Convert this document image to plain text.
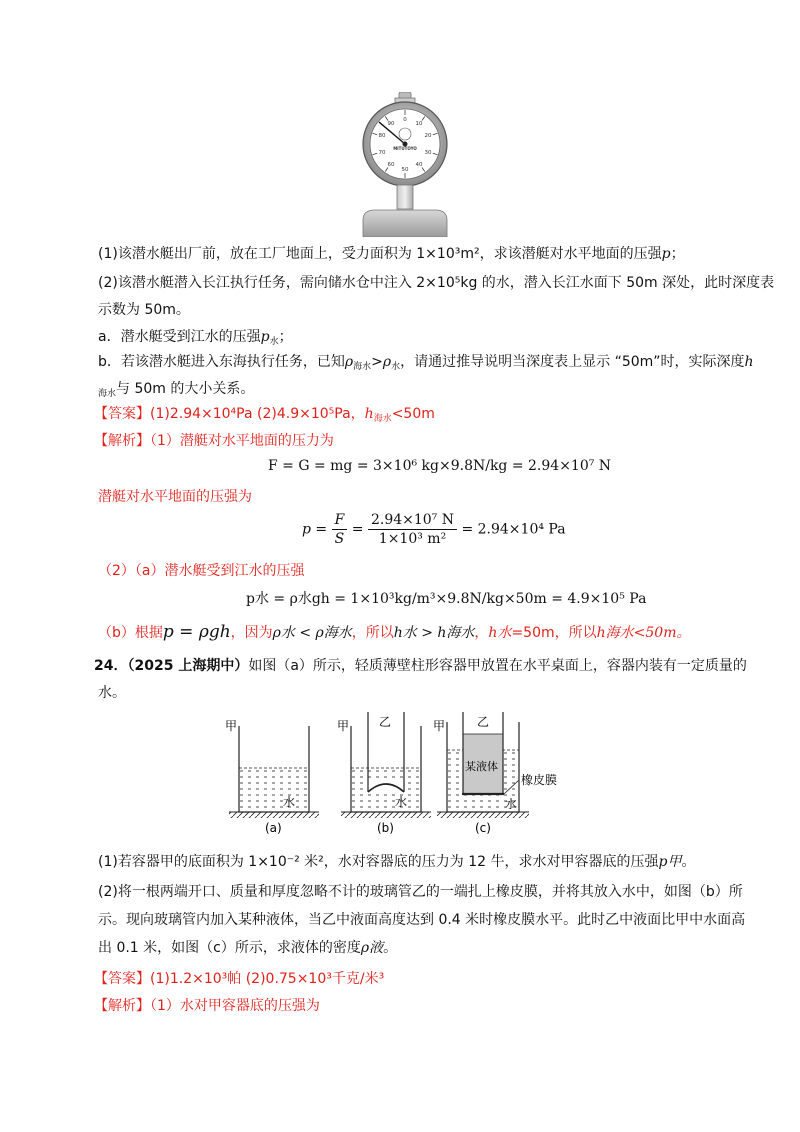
0
10
20
30
40
50
60
70
80
90
MITUTOYO
(1)该潜水艇出厂前，放在工厂地面上，受力面积为 1×10³m²，求该潜艇对水平地面的压强p；
(2)该潜水艇潜入长江执行任务，需向储水仓中注入 2×10⁵kg 的水，潜入长江水面下 50m 深处，此时深度表
示数为 50m。
a．潜水艇受到江水的压强$p_水$；
b．若该潜水艇进入东海执行任务，已知$\rho_{海水}>\rho_水$，请通过推导说明当深度表上显示 “50m”时，实际深度h
$_{海水}$与 50m 的大小关系。
【答案】(1)2.94×10⁴Pa (2)4.9×10⁵Pa，$h_{海水}<50m$
【解析】（1）潜艇对水平地面的压力为
F = G = mg = 3×10⁶ kg×9.8N/kg = 2.94×10⁷ N
潜艇对水平地面的压强为
$p = \frac{F}{S} = \frac{\text{2.94×10⁷ N}}{\text{1×10³ m²}} = 2.94\times 10^4$ Pa
（2）（a）潜水艇受到江水的压强
p水 = ρ水gh = 1×10³kg/m³×9.8N/kg×50m = 4.9×10⁵ Pa
（b）根据p = ρgh，因为ρ水 < ρ海水，所以h水 > h海水，h水=50m，所以h海水<50m。
24．（2025 上海期中）如图（a）所示，轻质薄壁柱形容器甲放置在水平桌面上，容器内装有一定质量的
水。
甲
水
(a)
甲 乙
水
(b)
甲	乙
某液体
橡皮膜
水
(c)
(1)若容器甲的底面积为 1×10⁻² 米²，水对容器底的压力为 12 牛，求水对甲容器底的压强p甲。
(2)将一根两端开口、质量和厚度忽略不计的玻璃管乙的一端扎上橡皮膜，并将其放入水中，如图（b）所
示。现向玻璃管内加入某种液体，当乙中液面高度达到 0.4 米时橡皮膜水平。此时乙中液面比甲中水面高
出 0.1 米，如图（c）所示，求液体的密度ρ液。
【答案】(1)1.2×10³帕 (2)0.75×10³千克/米³
【解析】（1）水对甲容器底的压强为
